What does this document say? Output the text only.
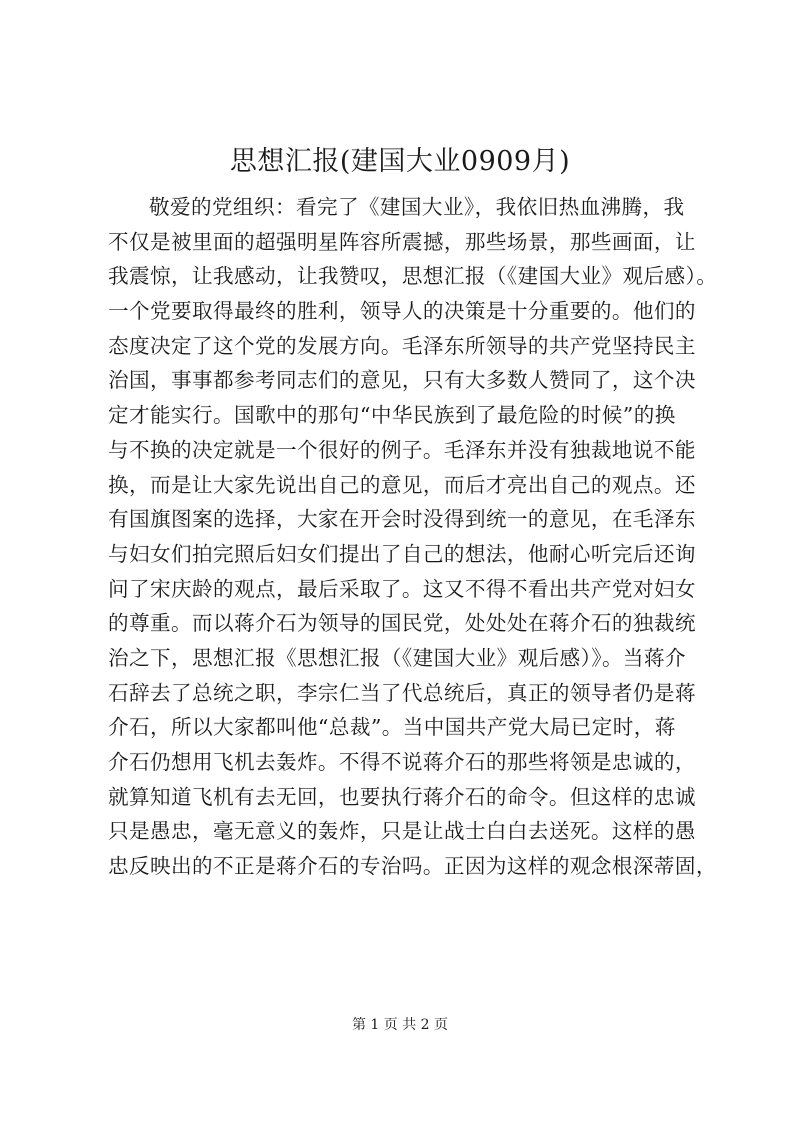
思想汇报(建国大业0909月)
敬爱的党组织：看完了《建国大业》，我依旧热血沸腾，我
不仅是被里面的超强明星阵容所震撼，那些场景，那些画面，让
我震惊，让我感动，让我赞叹，思想汇报（《建国大业》观后感）。
一个党要取得最终的胜利，领导人的决策是十分重要的。他们的
态度决定了这个党的发展方向。毛泽东所领导的共产党坚持民主
治国，事事都参考同志们的意见，只有大多数人赞同了，这个决
定才能实行。国歌中的那句“中华民族到了最危险的时候”的换
与不换的决定就是一个很好的例子。毛泽东并没有独裁地说不能
换，而是让大家先说出自己的意见，而后才亮出自己的观点。还
有国旗图案的选择，大家在开会时没得到统一的意见，在毛泽东
与妇女们拍完照后妇女们提出了自己的想法，他耐心听完后还询
问了宋庆龄的观点，最后采取了。这又不得不看出共产党对妇女
的尊重。而以蒋介石为领导的国民党，处处处在蒋介石的独裁统
治之下，思想汇报《思想汇报（《建国大业》观后感）》。当蒋介
石辞去了总统之职，李宗仁当了代总统后，真正的领导者仍是蒋
介石，所以大家都叫他“总裁”。当中国共产党大局已定时，蒋
介石仍想用飞机去轰炸。不得不说蒋介石的那些将领是忠诚的，
就算知道飞机有去无回，也要执行蒋介石的命令。但这样的忠诚
只是愚忠，毫无意义的轰炸，只是让战士白白去送死。这样的愚
忠反映出的不正是蒋介石的专治吗。正因为这样的观念根深蒂固，
第 1 页 共 2 页
